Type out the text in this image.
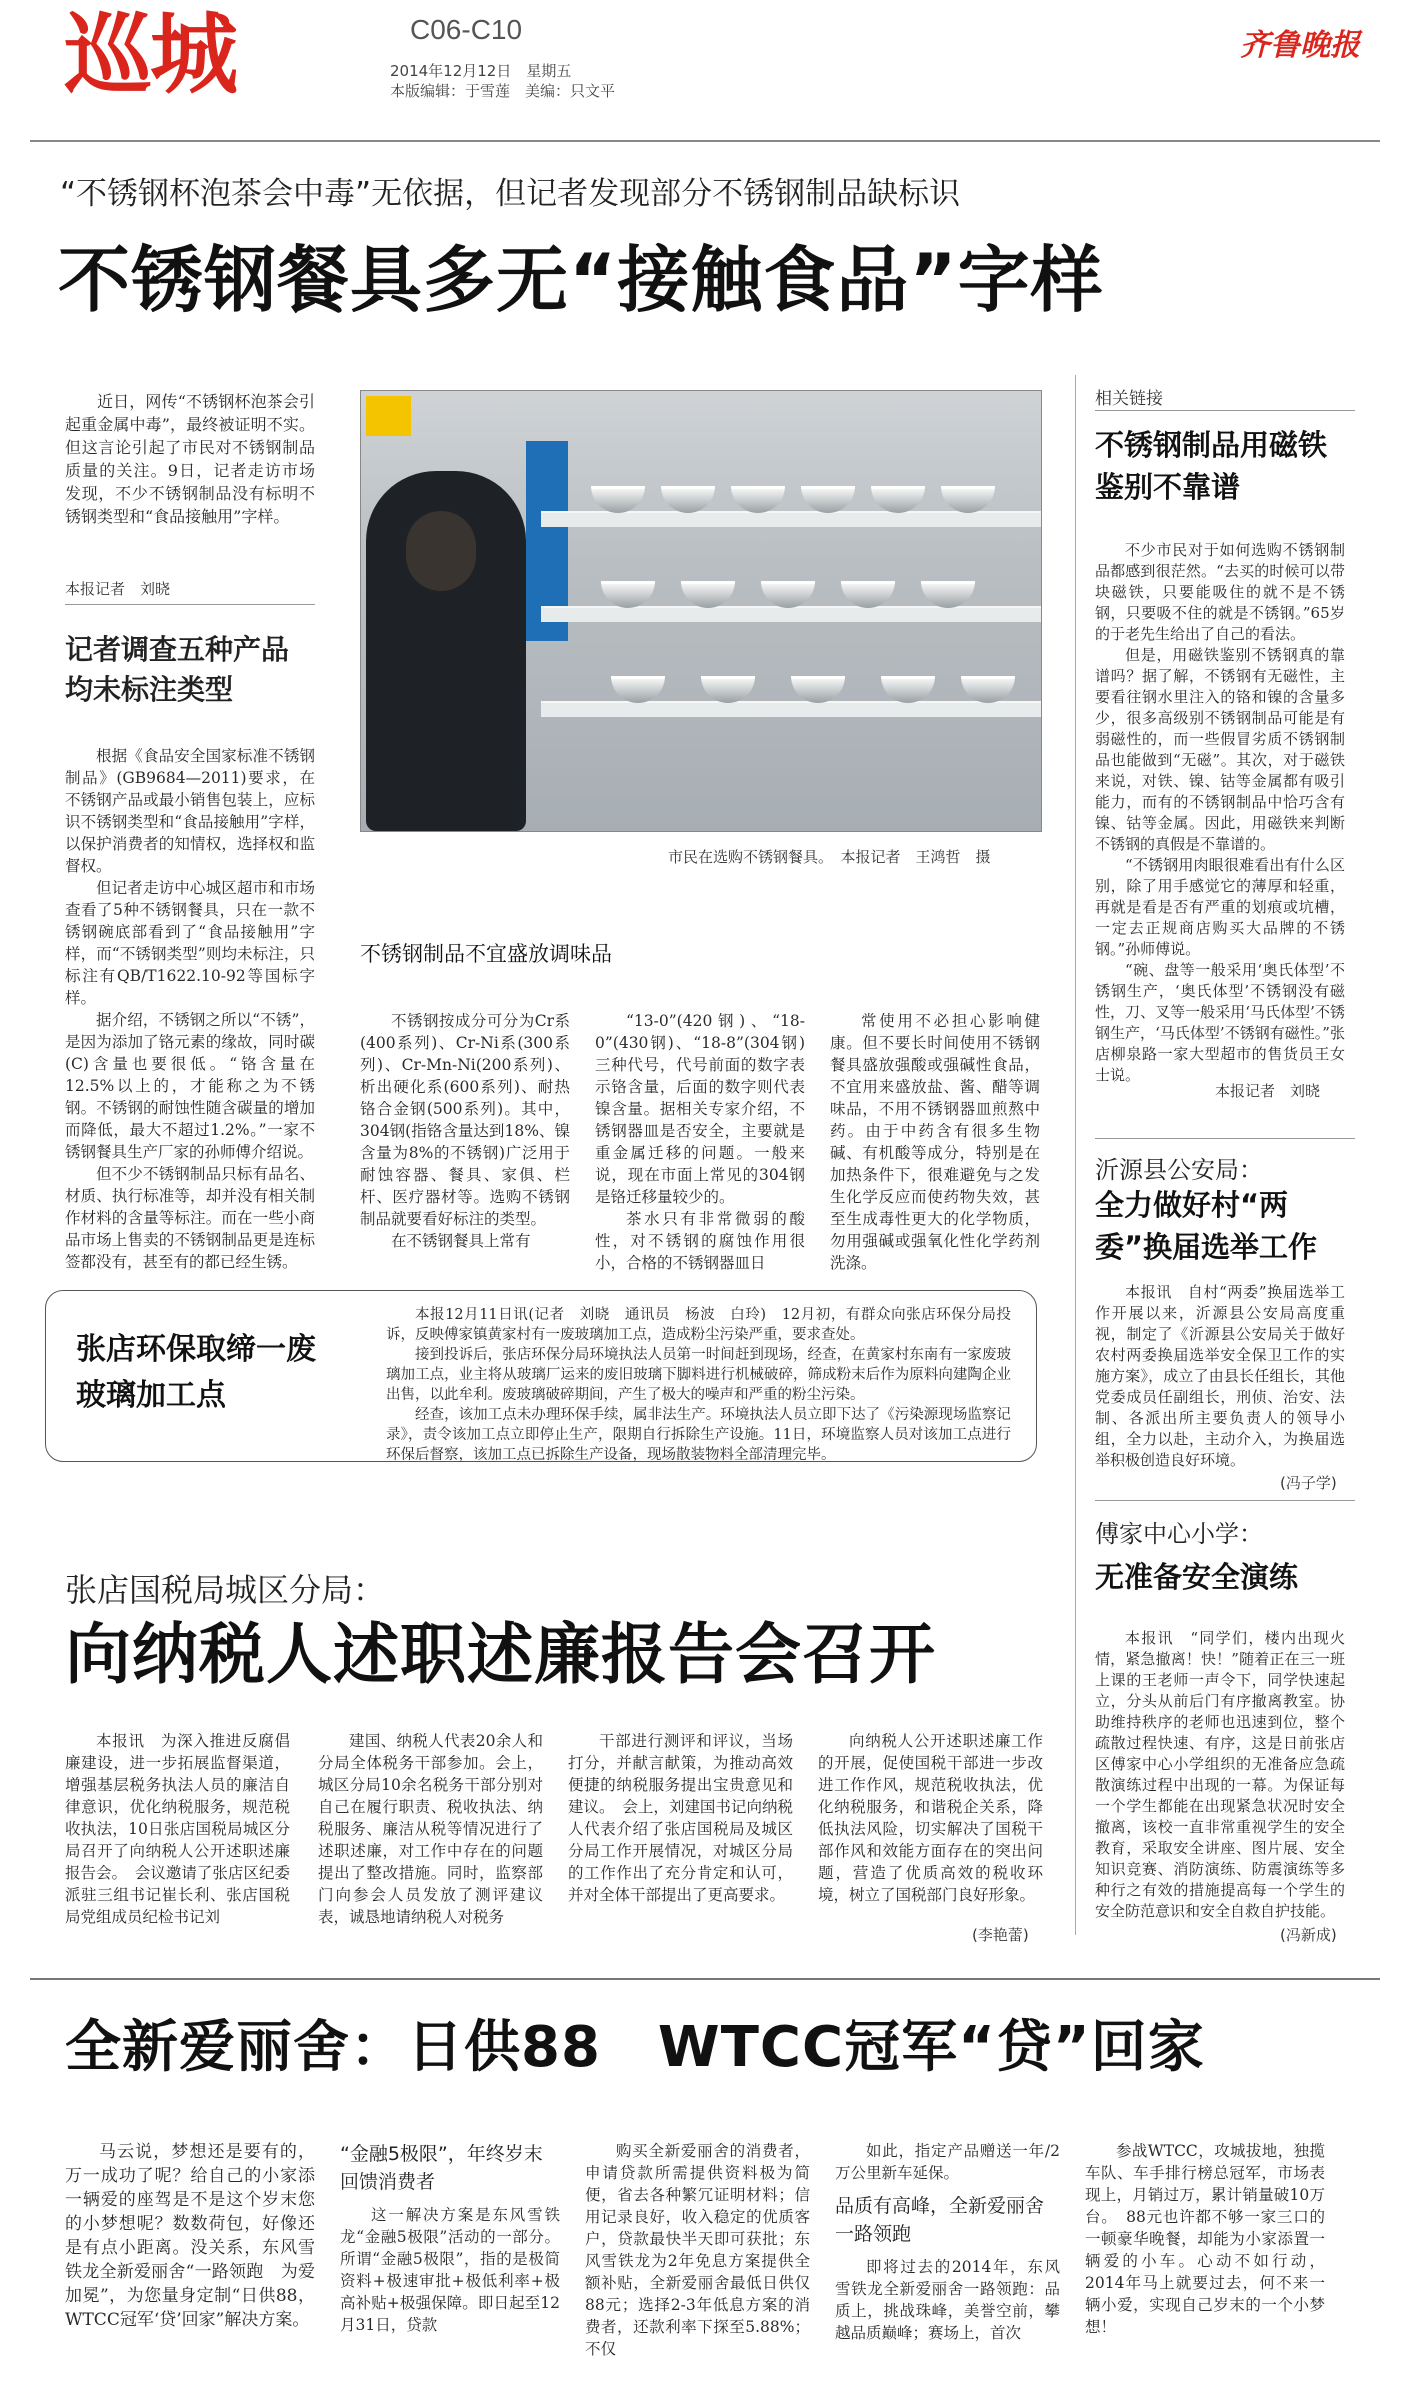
巡城	C06-C10
2014年12月12日　星期五
本版编辑：于雪莲　美编：只文平
齐鲁晚报
“不锈钢杯泡茶会中毒”无依据，但记者发现部分不锈钢制品缺标识
不锈钢餐具多无“接触食品”字样

近日，网传“不锈钢杯泡茶会引起重金属中毒”，最终被证明不实。但这言论引起了市民对不锈钢制品质量的关注。9日，记者走访市场发现，不少不锈钢制品没有标明不锈钢类型和“食品接触用”字样。

本报记者　刘晓
记者调查五种产品均未标注类型

根据《食品安全国家标准不锈钢制品》(GB9684—2011)要求，在不锈钢产品或最小销售包装上，应标识不锈钢类型和“食品接触用”字样，以保护消费者的知情权，选择权和监督权。

但记者走访中心城区超市和市场查看了5种不锈钢餐具，只在一款不锈钢碗底部看到了“食品接触用”字样，而“不锈钢类型”则均未标注，只标注有QB/T1622.10-92等国标字样。

据介绍，不锈钢之所以“不锈”，是因为添加了铬元素的缘故，同时碳(C)含量也要很低。“铬含量在12.5%以上的，才能称之为不锈钢。不锈钢的耐蚀性随含碳量的增加而降低，最大不超过1.2%。”一家不锈钢餐具生产厂家的孙师傅介绍说。

但不少不锈钢制品只标有品名、材质、执行标准等，却并没有相关制作材料的含量等标注。而在一些小商品市场上售卖的不锈钢制品更是连标签都没有，甚至有的都已经生锈。

市民在选购不锈钢餐具。　本报记者　王鸿哲　摄
不锈钢制品不宜盛放调味品

不锈钢按成分可分为Cr系(400系列)、Cr-Ni系(300系列)、Cr-Mn-Ni(200系列)、析出硬化系(600系列)、耐热铬合金钢(500系列)。其中，304钢(指铬含量达到18%、镍含量为8%的不锈钢)广泛用于耐蚀容器、餐具、家俱、栏杆、医疗器材等。选购不锈钢制品就要看好标注的类型。

在不锈钢餐具上常有

“13-0”(420钢)、“18-0”(430钢)、“18-8”(304钢)三种代号，代号前面的数字表示铬含量，后面的数字则代表镍含量。据相关专家介绍，不锈钢器皿是否安全，主要就是重金属迁移的问题。一般来说，现在市面上常见的304钢是铬迁移量较少的。

茶水只有非常微弱的酸性，对不锈钢的腐蚀作用很小，合格的不锈钢器皿日

常使用不必担心影响健康。但不要长时间使用不锈钢餐具盛放强酸或强碱性食品，不宜用来盛放盐、酱、醋等调味品，不用不锈钢器皿煎熬中药。由于中药含有很多生物碱、有机酸等成分，特别是在加热条件下，很难避免与之发生化学反应而使药物失效，甚至生成毒性更大的化学物质，勿用强碱或强氧化性化学药剂洗涤。

相关链接
不锈钢制品用磁铁鉴别不靠谱

不少市民对于如何选购不锈钢制品都感到很茫然。“去买的时候可以带块磁铁，只要能吸住的就不是不锈钢，只要吸不住的就是不锈钢。”65岁的于老先生给出了自己的看法。

但是，用磁铁鉴别不锈钢真的靠谱吗？据了解，不锈钢有无磁性，主要看往钢水里注入的铬和镍的含量多少，很多高级别不锈钢制品可能是有弱磁性的，而一些假冒劣质不锈钢制品也能做到“无磁”。其次，对于磁铁来说，对铁、镍、钴等金属都有吸引能力，而有的不锈钢制品中恰巧含有镍、钴等金属。因此，用磁铁来判断不锈钢的真假是不靠谱的。

“不锈钢用肉眼很难看出有什么区别，除了用手感觉它的薄厚和轻重，再就是看是否有严重的划痕或坑槽，一定去正规商店购买大品牌的不锈钢。”孙师傅说。

“碗、盘等一般采用‘奥氏体型’不锈钢生产，‘奥氏体型’不锈钢没有磁性，刀、叉等一般采用‘马氏体型’不锈钢生产，‘马氏体型’不锈钢有磁性。”张店柳泉路一家大型超市的售货员王女士说。

本报记者　刘晓
沂源县公安局：
全力做好村“两委”换届选举工作

本报讯　自村“两委”换届选举工作开展以来，沂源县公安局高度重视，制定了《沂源县公安局关于做好农村两委换届选举安全保卫工作的实施方案》，成立了由县长任组长，其他党委成员任副组长，刑侦、治安、法制、各派出所主要负责人的领导小组，全力以赴，主动介入，为换届选举积极创造良好环境。

(冯子学)
傅家中心小学：
无准备安全演练

本报讯　“同学们，楼内出现火情，紧急撤离！快！”随着正在三一班上课的王老师一声令下，同学快速起立，分头从前后门有序撤离教室。协助维持秩序的老师也迅速到位，整个疏散过程快速、有序，这是日前张店区傅家中心小学组织的无准备应急疏散演练过程中出现的一幕。为保证每一个学生都能在出现紧急状况时安全撤离，该校一直非常重视学生的安全教育，采取安全讲座、图片展、安全知识竞赛、消防演练、防震演练等多种行之有效的措施提高每一个学生的安全防范意识和安全自救自护技能。

(冯新成)
张店环保取缔一废玻璃加工点

本报12月11日讯(记者　刘晓　通讯员　杨波　白玲)　12月初，有群众向张店环保分局投诉，反映傅家镇黄家村有一废玻璃加工点，造成粉尘污染严重，要求查处。

接到投诉后，张店环保分局环境执法人员第一时间赶到现场，经查，在黄家村东南有一家废玻璃加工点，业主将从玻璃厂运来的废旧玻璃下脚料进行机械破碎，筛成粉末后作为原料向建陶企业出售，以此牟利。废玻璃破碎期间，产生了极大的噪声和严重的粉尘污染。

经查，该加工点未办理环保手续，属非法生产。环境执法人员立即下达了《污染源现场监察记录》，责令该加工点立即停止生产，限期自行拆除生产设施。11日，环境监察人员对该加工点进行环保后督察，该加工点已拆除生产设备，现场散装物料全部清理完毕。

张店国税局城区分局：
向纳税人述职述廉报告会召开

本报讯　为深入推进反腐倡廉建设，进一步拓展监督渠道，增强基层税务执法人员的廉洁自律意识，优化纳税服务，规范税收执法，10日张店国税局城区分局召开了向纳税人公开述职述廉报告会。　会议邀请了张店区纪委派驻三组书记崔长利、张店国税局党组成员纪检书记刘

建国、纳税人代表20余人和分局全体税务干部参加。会上，城区分局10余名税务干部分别对自己在履行职责、税收执法、纳税服务、廉洁从税等情况进行了述职述廉，对工作中存在的问题提出了整改措施。同时，监察部门向参会人员发放了测评建议表，诚恳地请纳税人对税务

干部进行测评和评议，当场打分，并献言献策，为推动高效便捷的纳税服务提出宝贵意见和建议。　会上，刘建国书记向纳税人代表介绍了张店国税局及城区分局工作开展情况，对城区分局的工作作出了充分肯定和认可，并对全体干部提出了更高要求。

向纳税人公开述职述廉工作的开展，促使国税干部进一步改进工作作风，规范税收执法，优化纳税服务，和谐税企关系，降低执法风险，切实解决了国税干部作风和效能方面存在的突出问题，营造了优质高效的税收环境，树立了国税部门良好形象。

(李艳蕾)
全新爱丽舍：日供88　WTCC冠军“贷”回家

马云说，梦想还是要有的，万一成功了呢？给自己的小家添一辆爱的座驾是不是这个岁末您的小梦想呢？数数荷包，好像还是有点小距离。没关系，东风雪铁龙全新爱丽舍“一路领跑　为爱加冕”，为您量身定制“日供88，WTCC冠军‘贷’回家”解决方案。

“金融5极限”，年终岁末回馈消费者

这一解决方案是东风雪铁龙“金融5极限”活动的一部分。所谓“金融5极限”，指的是极简资料+极速审批+极低利率+极高补贴+极强保障。即日起至12月31日，贷款

购买全新爱丽舍的消费者，申请贷款所需提供资料极为简便，省去各种繁冗证明材料；信用记录良好，收入稳定的优质客户，贷款最快半天即可获批；东风雪铁龙为2年免息方案提供全额补贴，全新爱丽舍最低日供仅88元；选择2-3年低息方案的消费者，还款利率下探至5.88%；不仅

如此，指定产品赠送一年/2万公里新车延保。

品质有高峰，全新爱丽舍一路领跑

即将过去的2014年，东风雪铁龙全新爱丽舍一路领跑：品质上，挑战珠峰，美誉空前，攀越品质巅峰；赛场上，首次

参战WTCC，攻城拔地，独揽车队、车手排行榜总冠军，市场表现上，月销过万，累计销量破10万台。　88元也许都不够一家三口的一顿豪华晚餐，却能为小家添置一辆爱的小车。心动不如行动，2014年马上就要过去，何不来一辆小爱，实现自己岁末的一个小梦想！
